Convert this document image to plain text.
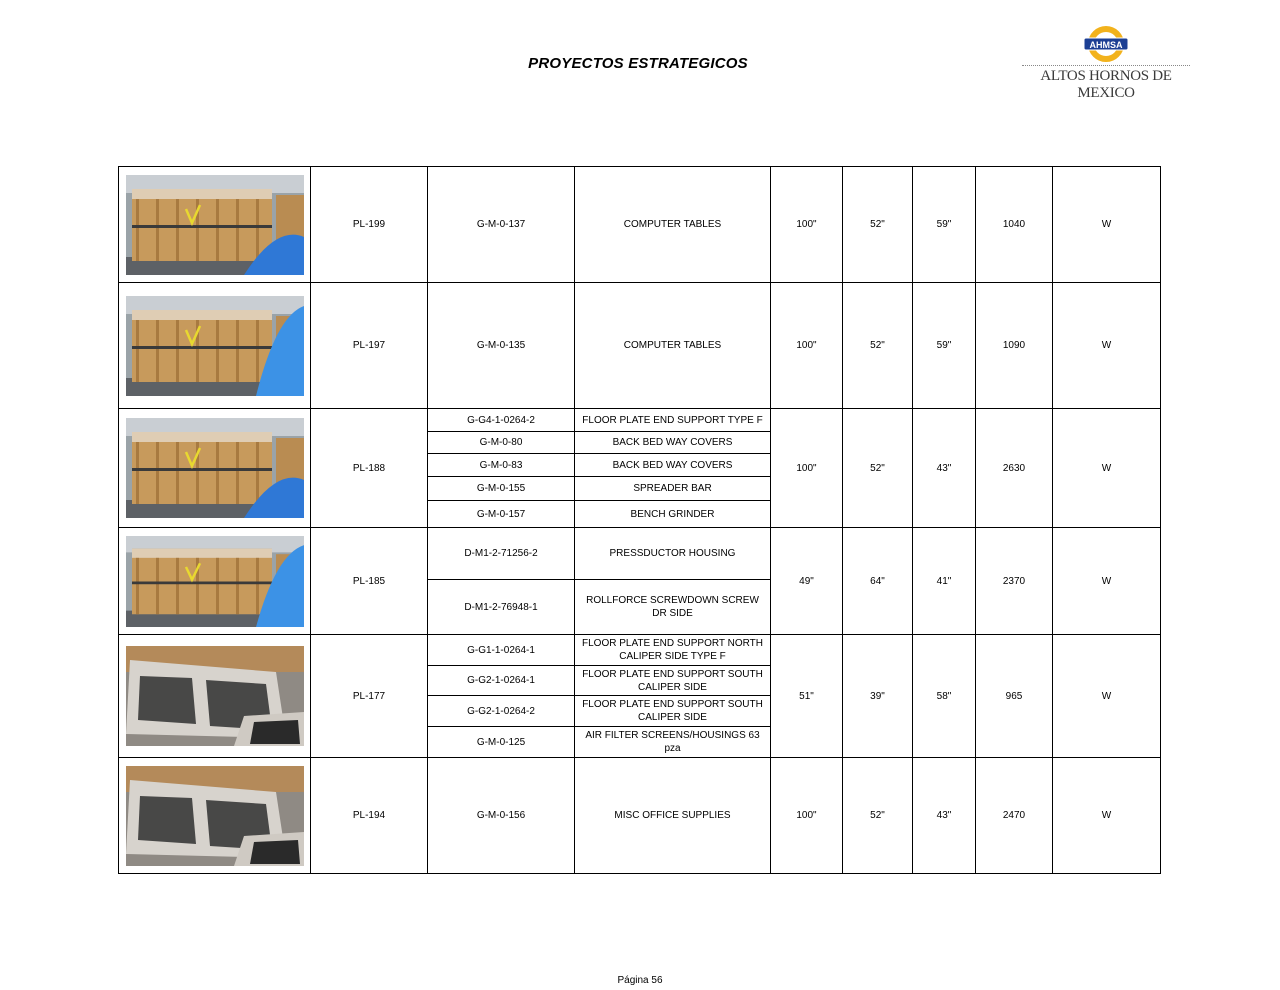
PROYECTOS ESTRATEGICOS
AHMSA
ALTOS HORNOS DE MEXICO
	PL-199	G-M-0-137	COMPUTER TABLES	100"	52"	59"	1040	W

	PL-197	G-M-0-135	COMPUTER TABLES	100"	52"	59"	1090	W

	PL-188	G-G4-1-0264-2	FLOOR PLATE END SUPPORT TYPE F	100"	52"	43"	2630	W
		G-M-0-80	BACK BED WAY COVERS					
		G-M-0-83	BACK BED WAY COVERS					
		G-M-0-155	SPREADER BAR					
		G-M-0-157	BENCH GRINDER					

	PL-185	D-M1-2-71256-2	PRESSDUCTOR HOUSING	49"	64"	41"	2370	W
		D-M1-2-76948-1	ROLLFORCE SCREWDOWN SCREW DR SIDE					

	PL-177	G-G1-1-0264-1	FLOOR PLATE END SUPPORT NORTH CALIPER SIDE TYPE F	51"	39"	58"	965	W
		G-G2-1-0264-1	FLOOR PLATE END SUPPORT SOUTH CALIPER SIDE					
		G-G2-1-0264-2	FLOOR PLATE END SUPPORT SOUTH CALIPER SIDE					
		G-M-0-125	AIR FILTER SCREENS/HOUSINGS 63 pza					

	PL-194	G-M-0-156	MISC OFFICE SUPPLIES	100"	52"	43"	2470	W
Página 56
